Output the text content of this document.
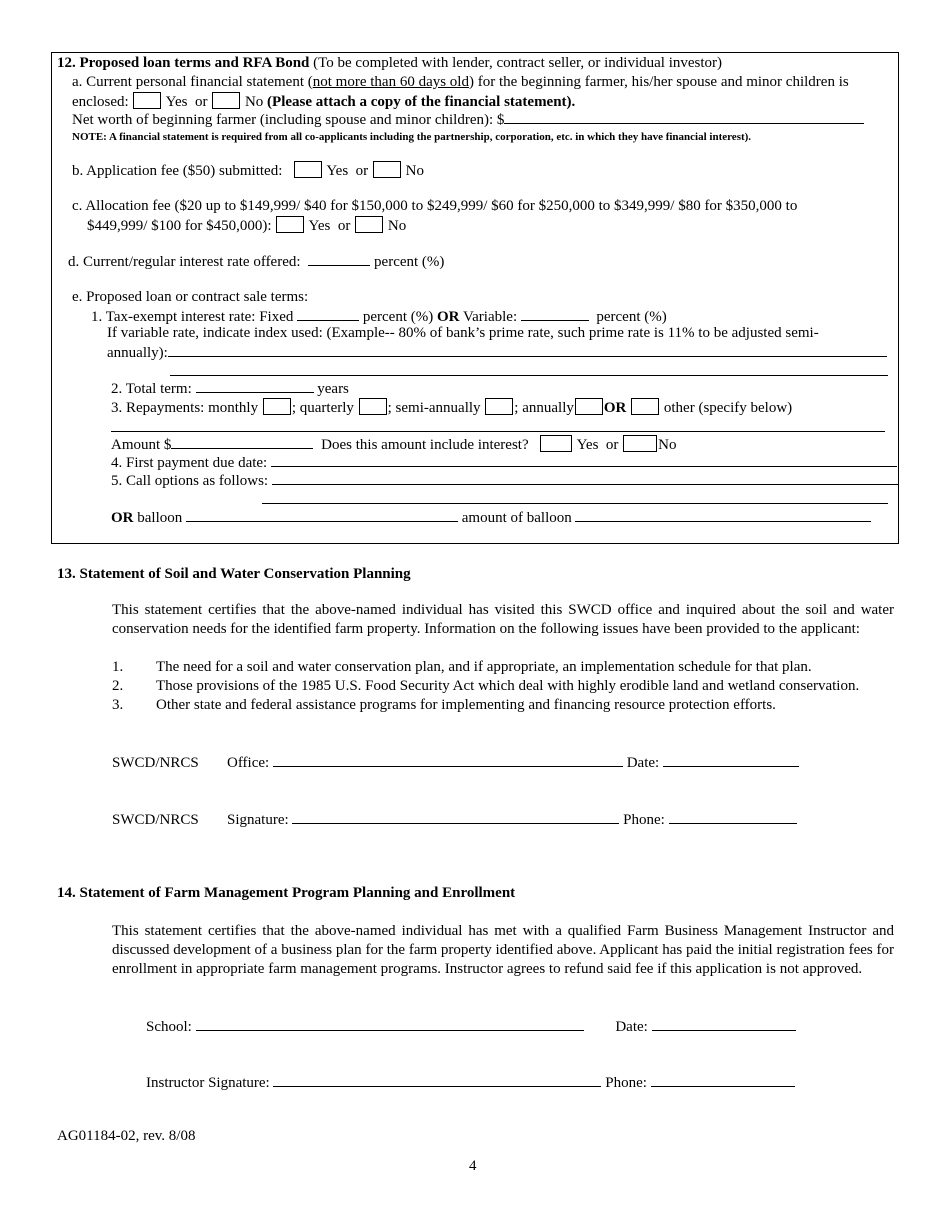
12. Proposed loan terms and RFA Bond (To be completed with lender, contract seller, or individual investor)
a. Current personal financial statement (not more than 60 days old) for the beginning farmer, his/her spouse and minor children is
enclosed: Yes or	No (Please attach a copy of the financial statement).
Net worth of beginning farmer (including spouse and minor children): $
NOTE: A financial statement is required from all co-applicants including the partnership, corporation, etc. in which they have financial interest).
b. Application fee ($50) submitted:	Yes or	No
c. Allocation fee ($20 up to $149,999/ $40 for $150,000 to $249,999/ $60 for $250,000 to $349,999/ $80 for $350,000 to
$449,999/ $100 for $450,000): Yes or	No
d. Current/regular interest rate offered:	percent (%)
e. Proposed loan or contract sale terms:
1. Tax-exempt interest rate: Fixed	percent (%) OR Variable:	percent (%)
If variable rate, indicate index used: (Example-- 80% of bank’s prime rate, such prime rate is 11% to be adjusted semi-
annually):
2. Total term:	years
3. Repayments: monthly ; quarterly ; semi-annually ; annually OR	other (specify below)
Amount $	Does this amount include interest?	Yes or	No
4. First payment due date:
5. Call options as follows:
OR balloon	amount of balloon
13. Statement of Soil and Water Conservation Planning
This statement certifies that the above-named individual has visited this SWCD office and inquired about the soil and water conservation needs for the identified farm property. Information on the following issues have been provided to the applicant:
1. The need for a soil and water conservation plan, and if appropriate, an implementation schedule for that plan.
2. Those provisions of the 1985 U.S. Food Security Act which deal with highly erodible land and wetland conservation.
3. Other state and federal assistance programs for implementing and financing resource protection efforts.
SWCD/NRCS Office:	Date:
SWCD/NRCS Signature:	Phone:
14. Statement of Farm Management Program Planning and Enrollment
This statement certifies that the above-named individual has met with a qualified Farm Business Management Instructor and discussed development of a business plan for the farm property identified above. Applicant has paid the initial registration fees for enrollment in appropriate farm management programs. Instructor agrees to refund said fee if this application is not approved.
School:	Date:
Instructor Signature:	Phone:
AG01184-02, rev. 8/08
4
